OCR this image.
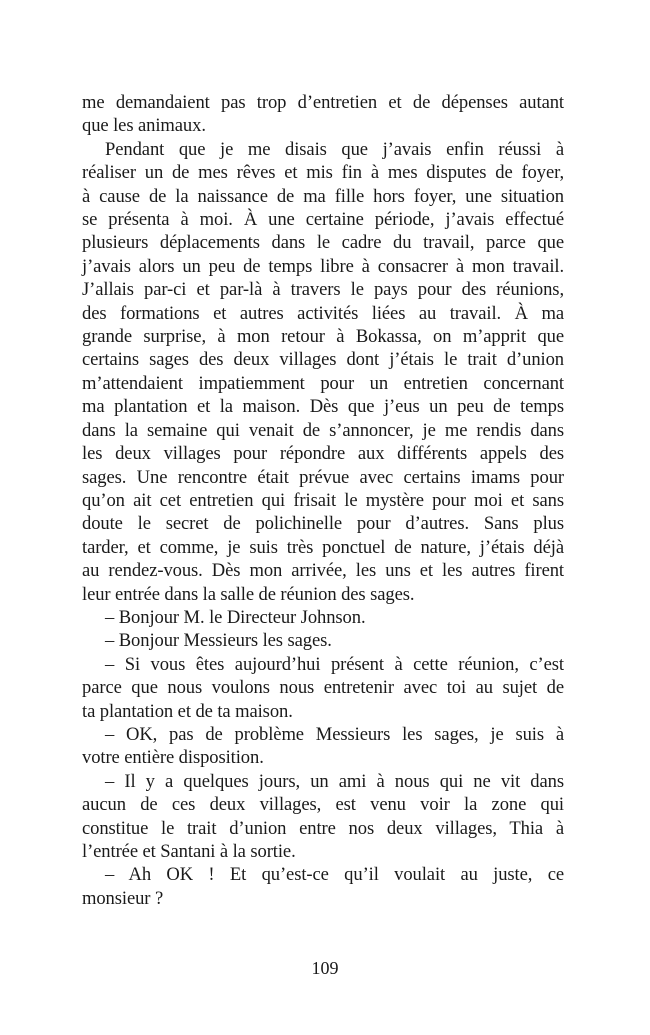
me demandaient pas trop d’entretien et de dépenses autant
que les animaux.
Pendant que je me disais que j’avais enfin réussi à
réaliser un de mes rêves et mis fin à mes disputes de foyer,
à cause de la naissance de ma fille hors foyer, une situation
se présenta à moi. À une certaine période, j’avais effectué
plusieurs déplacements dans le cadre du travail, parce que
j’avais alors un peu de temps libre à consacrer à mon travail.
J’allais par-ci et par-là à travers le pays pour des réunions,
des formations et autres activités liées au travail. À ma
grande surprise, à mon retour à Bokassa, on m’apprit que
certains sages des deux villages dont j’étais le trait d’union
m’attendaient impatiemment pour un entretien concernant
ma plantation et la maison. Dès que j’eus un peu de temps
dans la semaine qui venait de s’annoncer, je me rendis dans
les deux villages pour répondre aux différents appels des
sages. Une rencontre était prévue avec certains imams pour
qu’on ait cet entretien qui frisait le mystère pour moi et sans
doute le secret de polichinelle pour d’autres. Sans plus
tarder, et comme, je suis très ponctuel de nature, j’étais déjà
au rendez-vous. Dès mon arrivée, les uns et les autres firent
leur entrée dans la salle de réunion des sages.
– Bonjour M. le Directeur Johnson.
– Bonjour Messieurs les sages.
– Si vous êtes aujourd’hui présent à cette réunion, c’est
parce que nous voulons nous entretenir avec toi au sujet de
ta plantation et de ta maison.
– OK, pas de problème Messieurs les sages, je suis à
votre entière disposition.
– Il y a quelques jours, un ami à nous qui ne vit dans
aucun de ces deux villages, est venu voir la zone qui
constitue le trait d’union entre nos deux villages, Thia à
l’entrée et Santani à la sortie.
– Ah OK ! Et qu’est-ce qu’il voulait au juste, ce
monsieur ?
109
